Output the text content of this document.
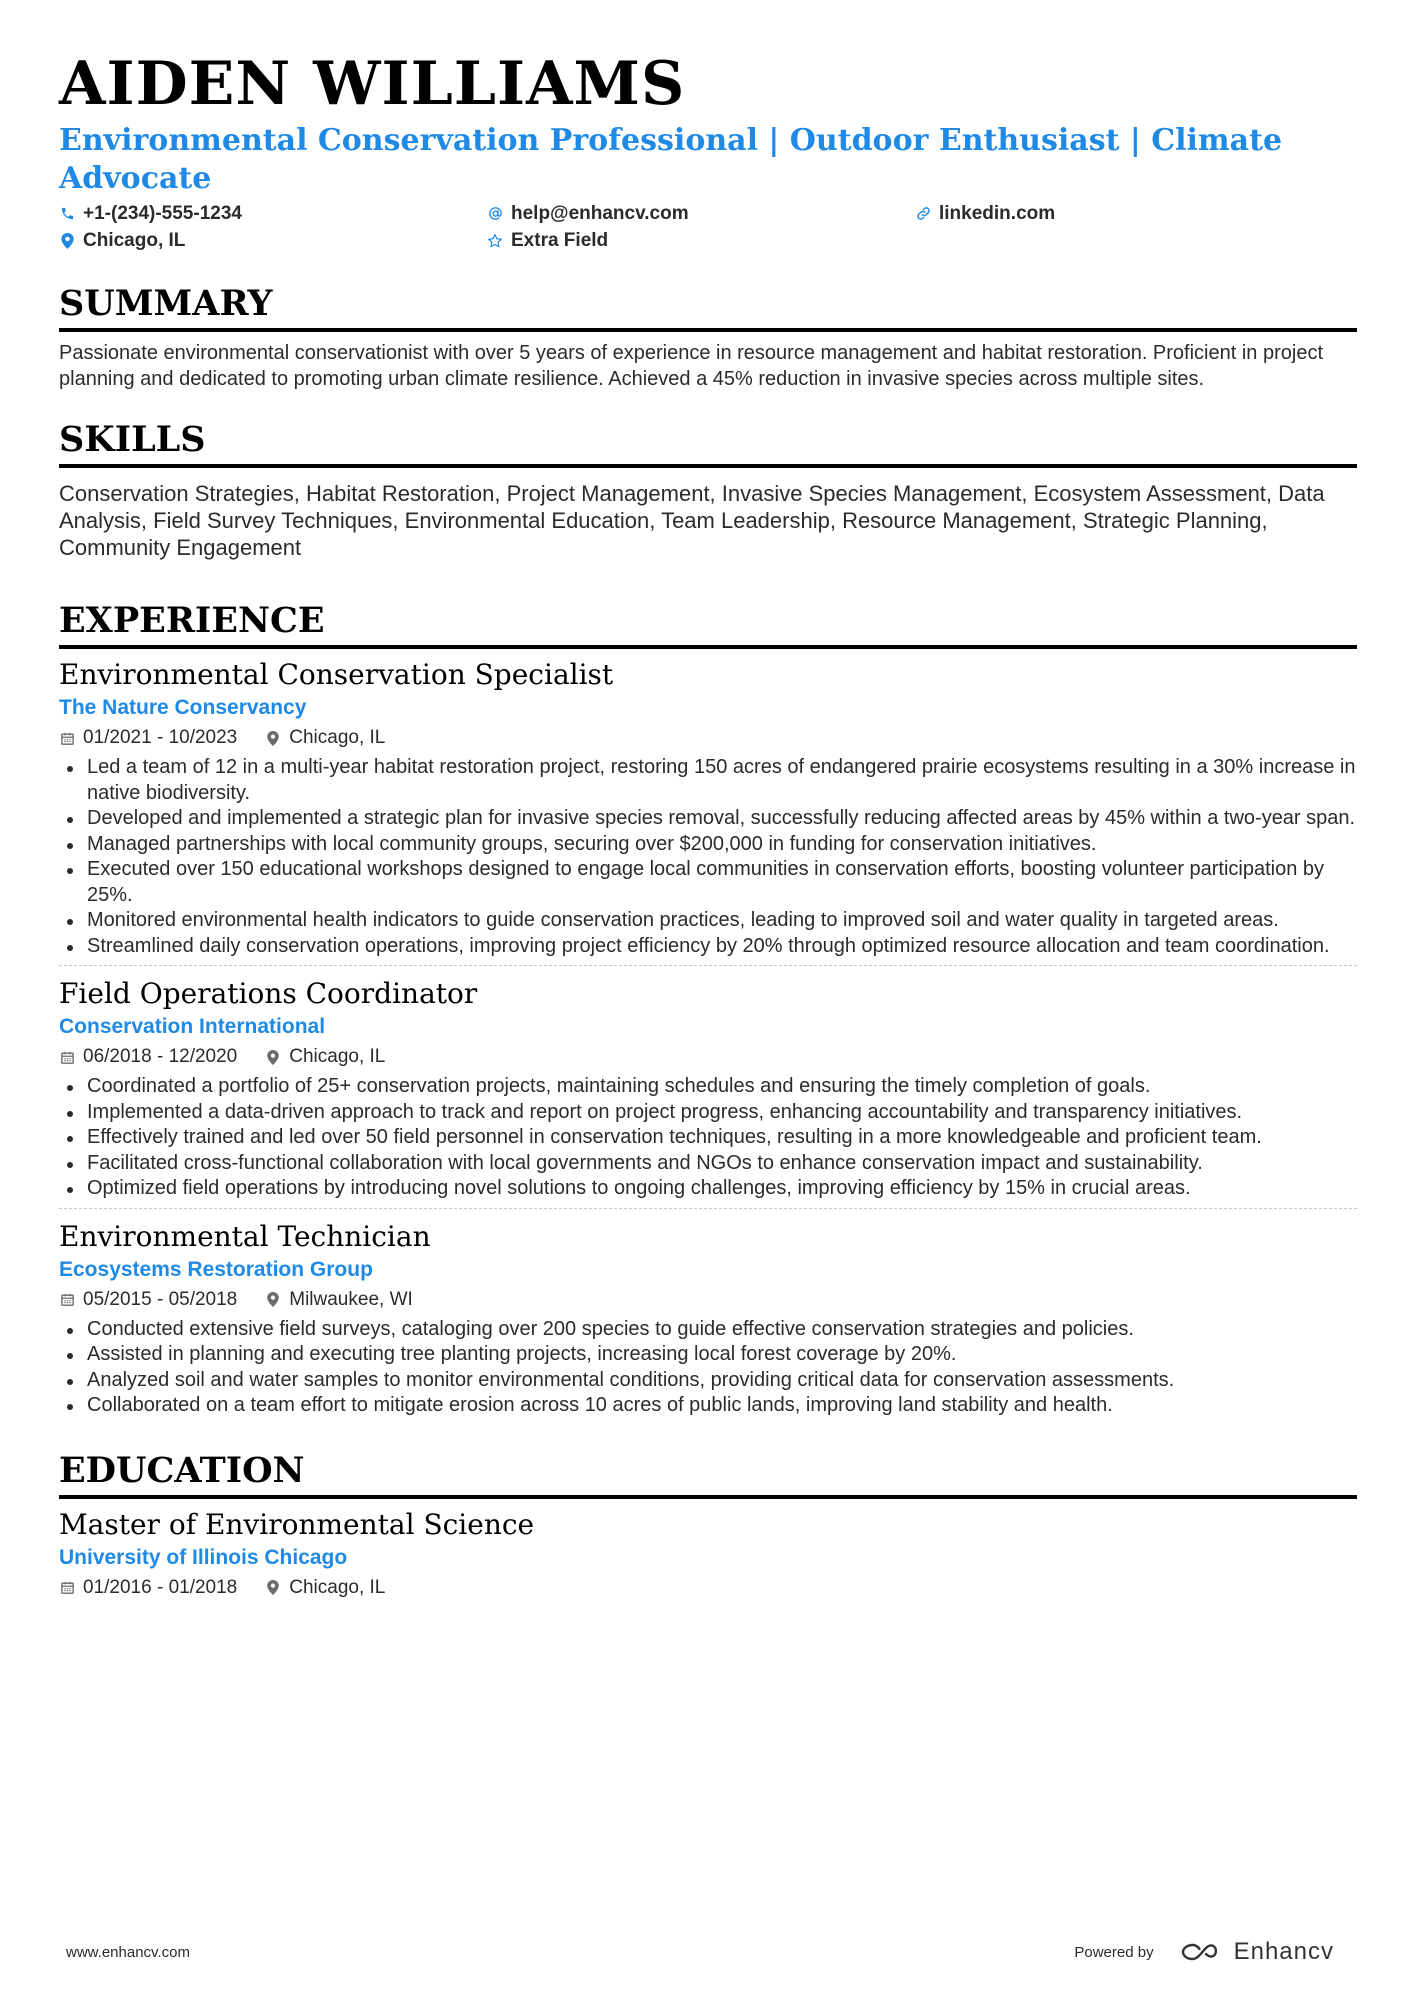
AIDEN WILLIAMS
Environmental Conservation Professional | Outdoor Enthusiast | Climate Advocate
+1-(234)-555-1234	help@enhancv.com	linkedin.com
Chicago, IL	Extra Field
SUMMARY

Passionate environmental conservationist with over 5 years of experience in resource management and habitat restoration. Proficient in project planning and dedicated to promoting urban climate resilience. Achieved a 45% reduction in invasive species across multiple sites.

SKILLS

Conservation Strategies, Habitat Restoration, Project Management, Invasive Species Management, Ecosystem Assessment, Data Analysis, Field Survey Techniques, Environmental Education, Team Leadership, Resource Management, Strategic Planning, Community Engagement

EXPERIENCE
Environmental Conservation Specialist
The Nature Conservancy
01/2021 - 10/2023	Chicago, IL
Led a team of 12 in a multi-year habitat restoration project, restoring 150 acres of endangered prairie ecosystems resulting in a 30% increase in native biodiversity.
Developed and implemented a strategic plan for invasive species removal, successfully reducing affected areas by 45% within a two-year span.
Managed partnerships with local community groups, securing over $200,000 in funding for conservation initiatives.
Executed over 150 educational workshops designed to engage local communities in conservation efforts, boosting volunteer participation by 25%.
Monitored environmental health indicators to guide conservation practices, leading to improved soil and water quality in targeted areas.
Streamlined daily conservation operations, improving project efficiency by 20% through optimized resource allocation and team coordination.
Field Operations Coordinator
Conservation International
06/2018 - 12/2020	Chicago, IL
Coordinated a portfolio of 25+ conservation projects, maintaining schedules and ensuring the timely completion of goals.
Implemented a data-driven approach to track and report on project progress, enhancing accountability and transparency initiatives.
Effectively trained and led over 50 field personnel in conservation techniques, resulting in a more knowledgeable and proficient team.
Facilitated cross-functional collaboration with local governments and NGOs to enhance conservation impact and sustainability.
Optimized field operations by introducing novel solutions to ongoing challenges, improving efficiency by 15% in crucial areas.
Environmental Technician
Ecosystems Restoration Group
05/2015 - 05/2018	Milwaukee, WI
Conducted extensive field surveys, cataloging over 200 species to guide effective conservation strategies and policies.
Assisted in planning and executing tree planting projects, increasing local forest coverage by 20%.
Analyzed soil and water samples to monitor environmental conditions, providing critical data for conservation assessments.
Collaborated on a team effort to mitigate erosion across 10 acres of public lands, improving land stability and health.
EDUCATION
Master of Environmental Science
University of Illinois Chicago
01/2016 - 01/2018	Chicago, IL
www.enhancv.com	Powered by	Enhancv
